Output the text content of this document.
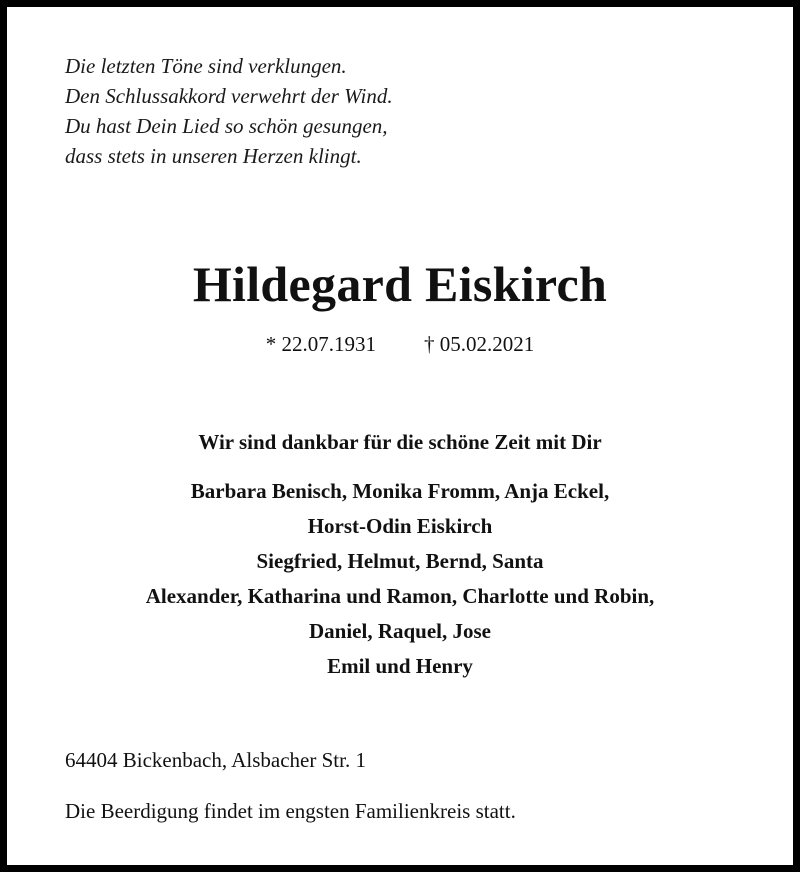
Die letzten Töne sind verklungen.
Den Schlussakkord verwehrt der Wind.
Du hast Dein Lied so schön gesungen,
dass stets in unseren Herzen klingt.
Hildegard Eiskirch
* 22.07.1931 † 05.02.2021
Wir sind dankbar für die schöne Zeit mit Dir
Barbara Benisch, Monika Fromm, Anja Eckel,
Horst-Odin Eiskirch
Siegfried, Helmut, Bernd, Santa
Alexander, Katharina und Ramon, Charlotte und Robin,
Daniel, Raquel, Jose
Emil und Henry
64404 Bickenbach, Alsbacher Str. 1
Die Beerdigung findet im engsten Familienkreis statt.
